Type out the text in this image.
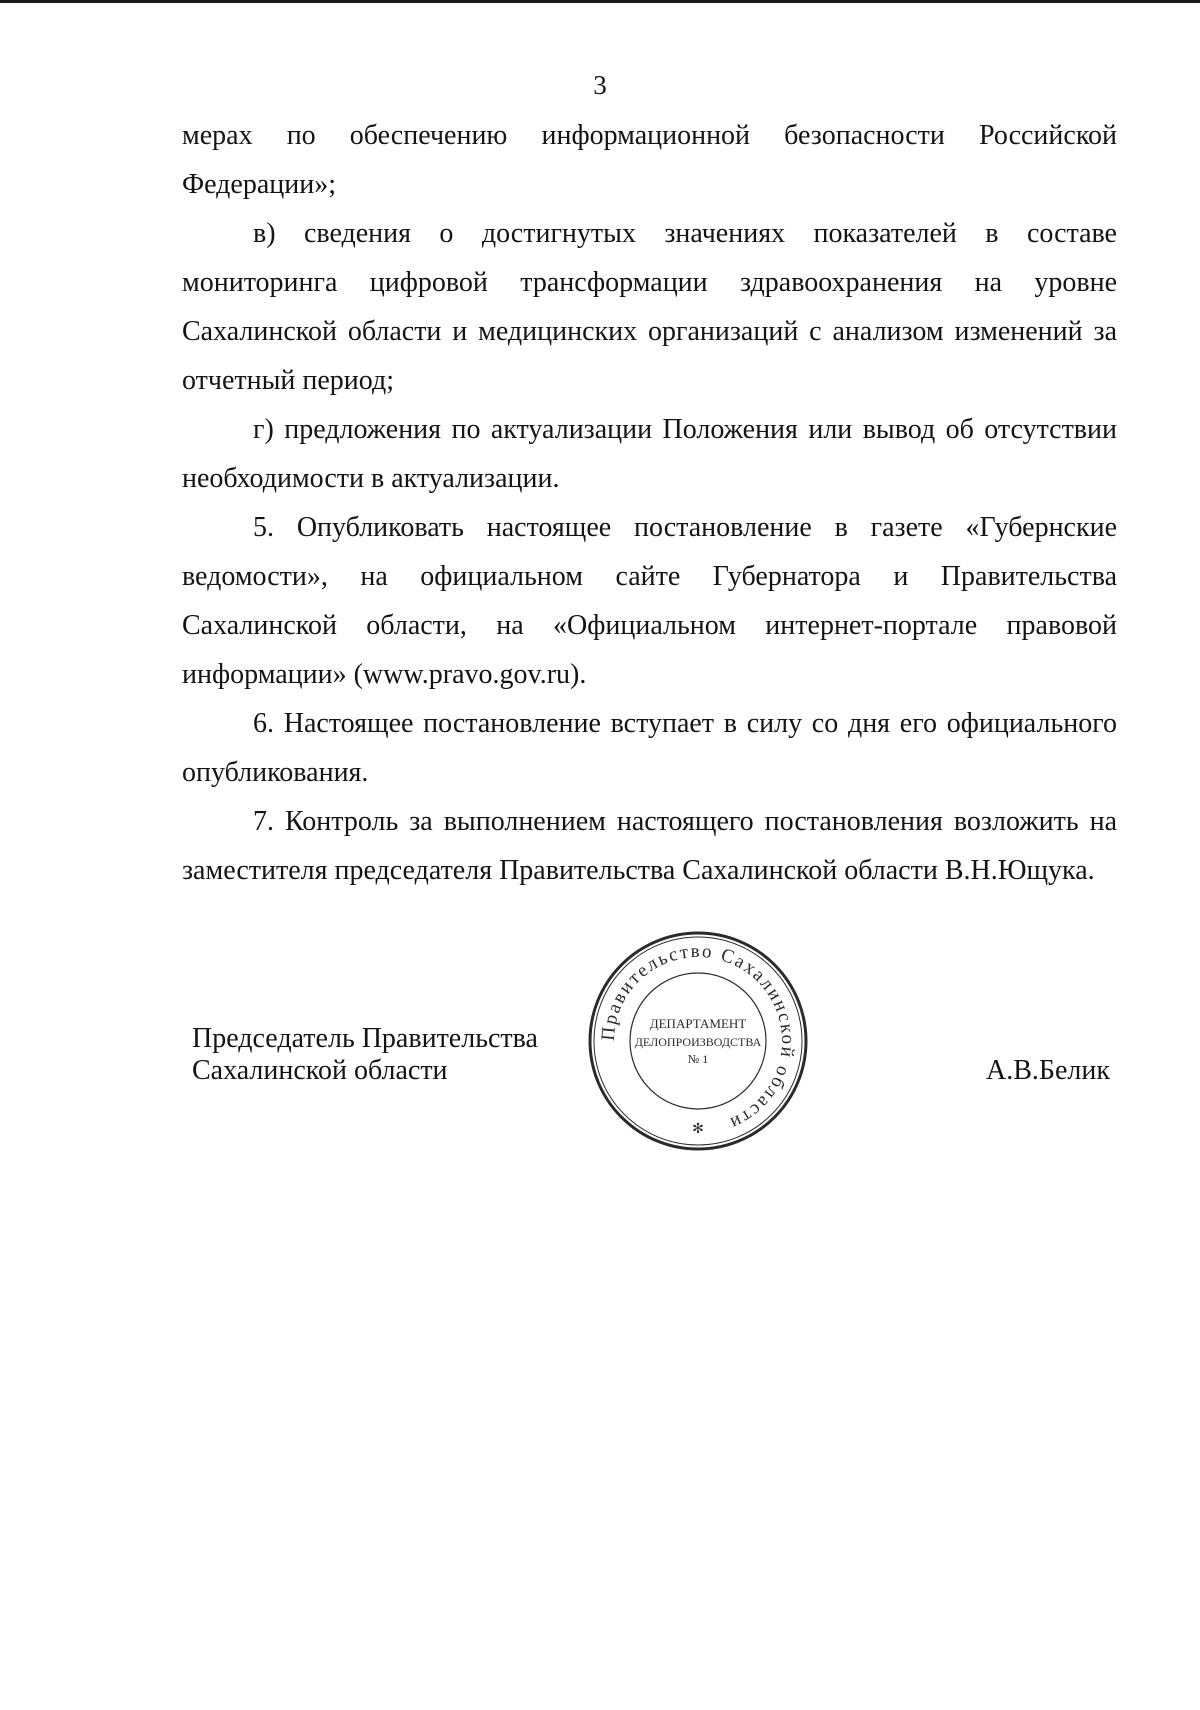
3

мерах по обеспечению информационной безопасности Российской Федерации»;

в) сведения о достигнутых значениях показателей в составе мониторинга цифровой трансформации здравоохранения на уровне Сахалинской области и медицинских организаций с анализом изменений за отчетный период;

г) предложения по актуализации Положения или вывод об отсутствии необходимости в актуализации.

5. Опубликовать настоящее постановление в газете «Губернские ведомости», на официальном сайте Губернатора и Правительства Сахалинской области, на «Официальном интернет-портале правовой информации» (www.pravo.gov.ru).

6. Настоящее постановление вступает в силу со дня его официального опубликования.

7. Контроль за выполнением настоящего постановления возложить на заместителя председателя Правительства Сахалинской области В.Н.Ющука.

Председатель Правительства
Сахалинской области
Правительство Сахалинской области
✻
ДЕПАРТАМЕНТ
ДЕЛОПРОИЗВОДСТВА
№ 1	А.В.Белик
